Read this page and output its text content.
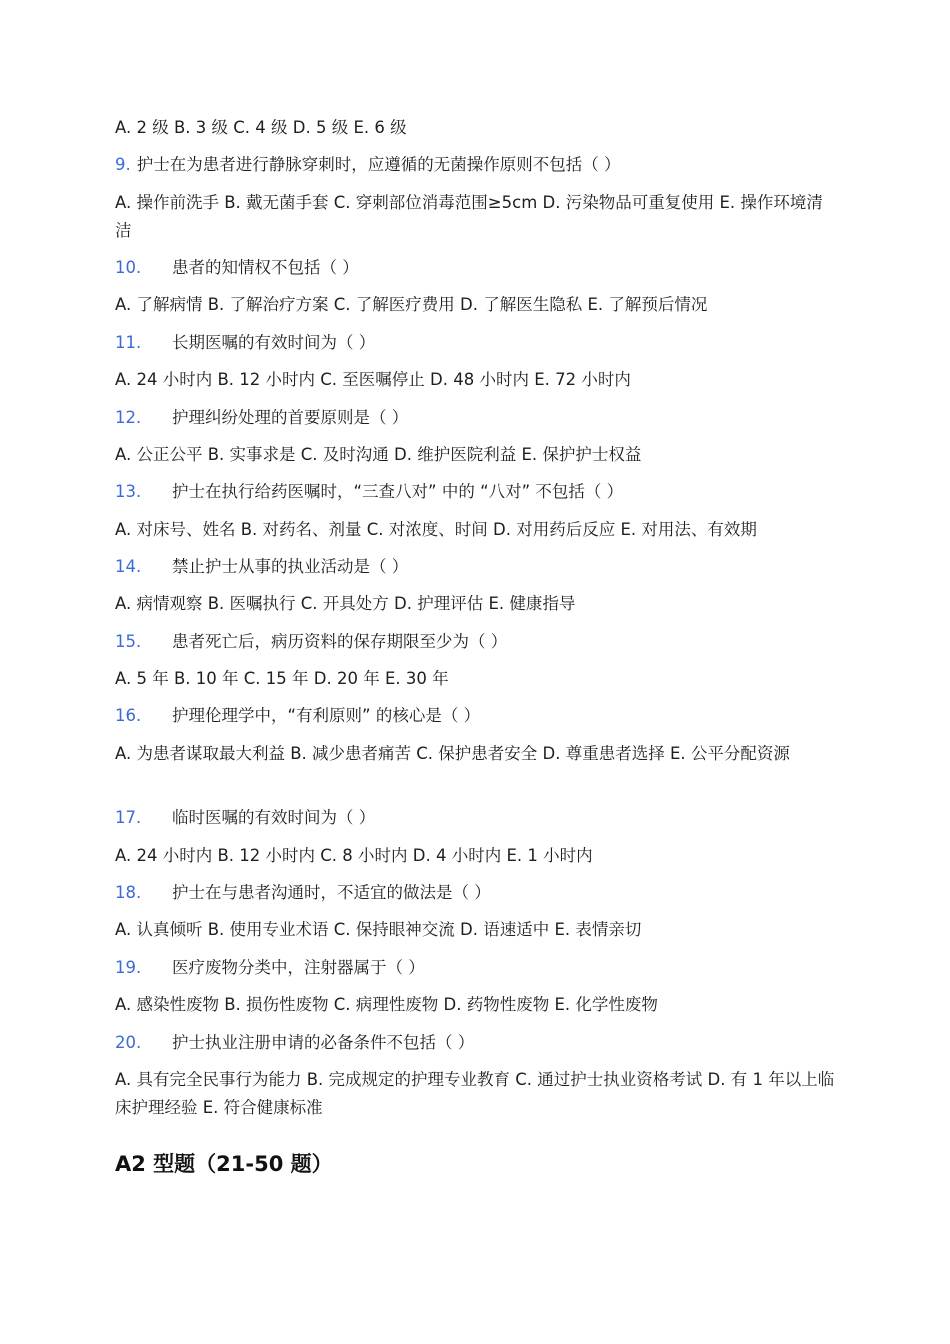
A. 2 级 B. 3 级 C. 4 级 D. 5 级 E. 6 级
9. 护士在为患者进行静脉穿刺时，应遵循的无菌操作原则不包括（ ）
A. 操作前洗手 B. 戴无菌手套 C. 穿刺部位消毒范围≥5cm D. 污染物品可重复使用 E. 操作环境清洁
10. 患者的知情权不包括（ ）
A. 了解病情 B. 了解治疗方案 C. 了解医疗费用 D. 了解医生隐私 E. 了解预后情况
11. 长期医嘱的有效时间为（ ）
A. 24 小时内 B. 12 小时内 C. 至医嘱停止 D. 48 小时内 E. 72 小时内
12. 护理纠纷处理的首要原则是（ ）
A. 公正公平 B. 实事求是 C. 及时沟通 D. 维护医院利益 E. 保护护士权益
13. 护士在执行给药医嘱时，“三查八对” 中的 “八对” 不包括（ ）
A. 对床号、姓名 B. 对药名、剂量 C. 对浓度、时间 D. 对用药后反应 E. 对用法、有效期
14. 禁止护士从事的执业活动是（ ）
A. 病情观察 B. 医嘱执行 C. 开具处方 D. 护理评估 E. 健康指导
15. 患者死亡后，病历资料的保存期限至少为（ ）
A. 5 年 B. 10 年 C. 15 年 D. 20 年 E. 30 年
16. 护理伦理学中，“有利原则” 的核心是（ ）
A. 为患者谋取最大利益 B. 减少患者痛苦 C. 保护患者安全 D. 尊重患者选择 E. 公平分配资源
17. 临时医嘱的有效时间为（ ）
A. 24 小时内 B. 12 小时内 C. 8 小时内 D. 4 小时内 E. 1 小时内
18. 护士在与患者沟通时，不适宜的做法是（ ）
A. 认真倾听 B. 使用专业术语 C. 保持眼神交流 D. 语速适中 E. 表情亲切
19. 医疗废物分类中，注射器属于（ ）
A. 感染性废物 B. 损伤性废物 C. 病理性废物 D. 药物性废物 E. 化学性废物
20. 护士执业注册申请的必备条件不包括（ ）
A. 具有完全民事行为能力 B. 完成规定的护理专业教育 C. 通过护士执业资格考试 D. 有 1 年以上临床护理经验 E. 符合健康标准
A2 型题（21-50 题）
